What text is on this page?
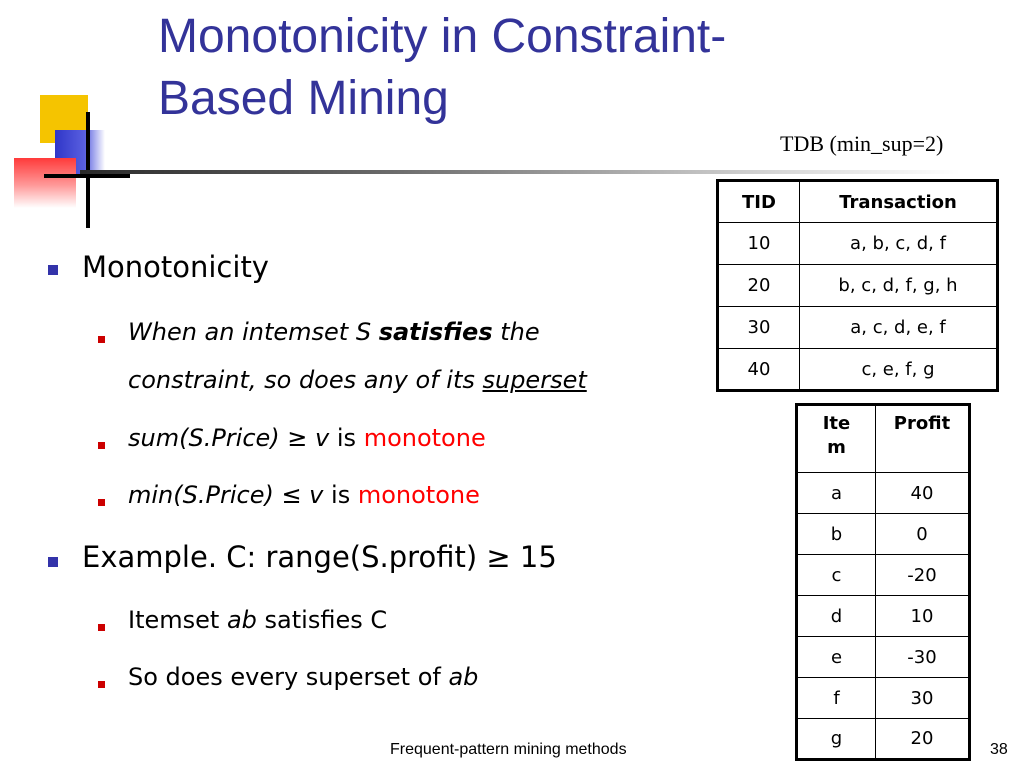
Monotonicity in Constraint-
Based Mining
TDB (min_sup=2)
TID	Transaction
10	a, b, c, d, f
20	b, c, d, f, g, h
30	a, c, d, e, f
40	c, e, f, g
Ite
m	Profit
a	40
b	0
c	-20
d	10
e	-30
f	30
g	20
Monotonicity
When an intemset S satisfies the
constraint, so does any of its superset
sum(S.Price) ≥ v is monotone
min(S.Price) ≤ v is monotone
Example. C: range(S.profit) ≥ 15
Itemset ab satisfies C
So does every superset of ab
Frequent-pattern mining methods	38
